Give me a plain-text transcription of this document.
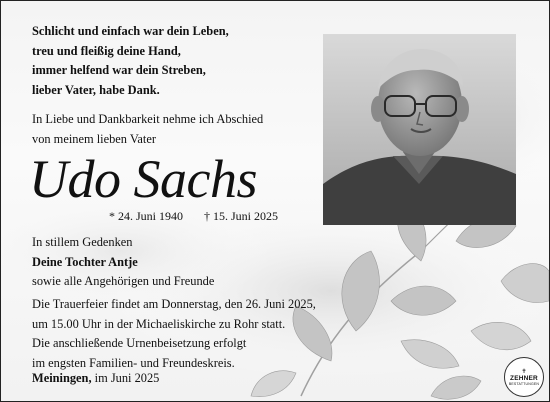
Schlicht und einfach war dein Leben,
treu und fleißig deine Hand,
immer helfend war dein Streben,
lieber Vater, habe Dank.
In Liebe und Dankbarkeit nehme ich Abschied
von meinem lieben Vater
Udo Sachs
* 24. Juni 1940 † 15. Juni 2025
In stillem Gedenken
Deine Tochter Antje
sowie alle Angehörigen und Freunde
Die Trauerfeier findet am Donnerstag, den 26. Juni 2025,
um 15.00 Uhr in der Michaeliskirche zu Rohr statt.
Die anschließende Urnenbeisetzung erfolgt
im engsten Familien- und Freundeskreis.
Meiningen, im Juni 2025	✝
ZEHNER
BESTATTUNGEN
